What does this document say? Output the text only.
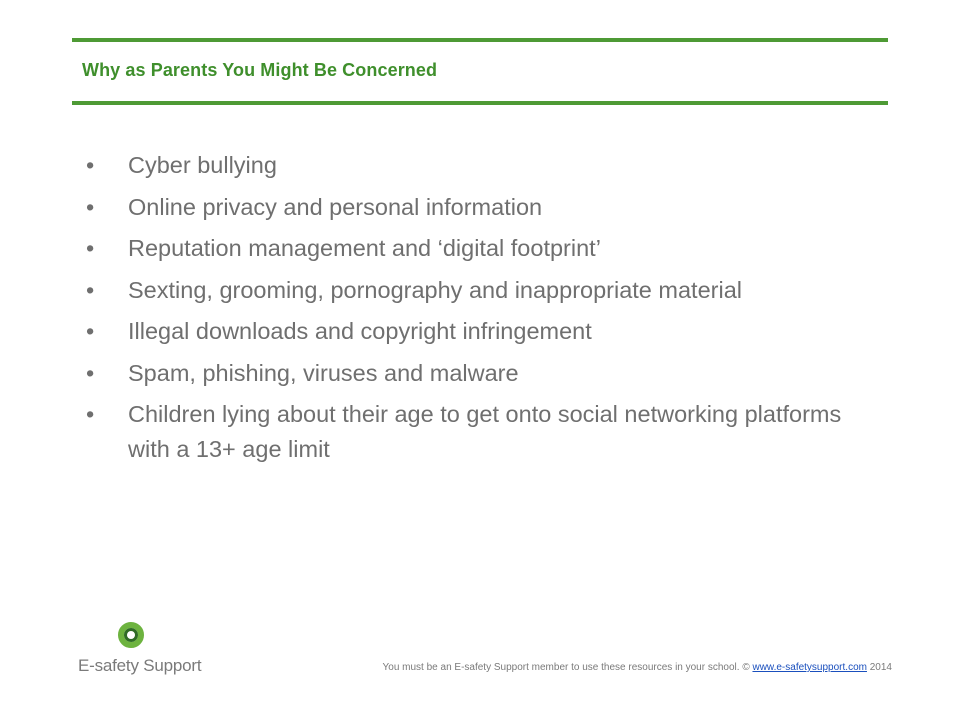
Why as Parents You Might Be Concerned
• Cyber bullying
• Online privacy and personal information
• Reputation management and ‘digital footprint’
• Sexting, grooming, pornography and inappropriate material
• Illegal downloads and copyright infringement
• Spam, phishing, viruses and malware
• Children lying about their age to get onto social networking platforms with a 13+ age limit
E-safety Support	You must be an E-safety Support member to use these resources in your school. © www.e-safetysupport.com 2014
